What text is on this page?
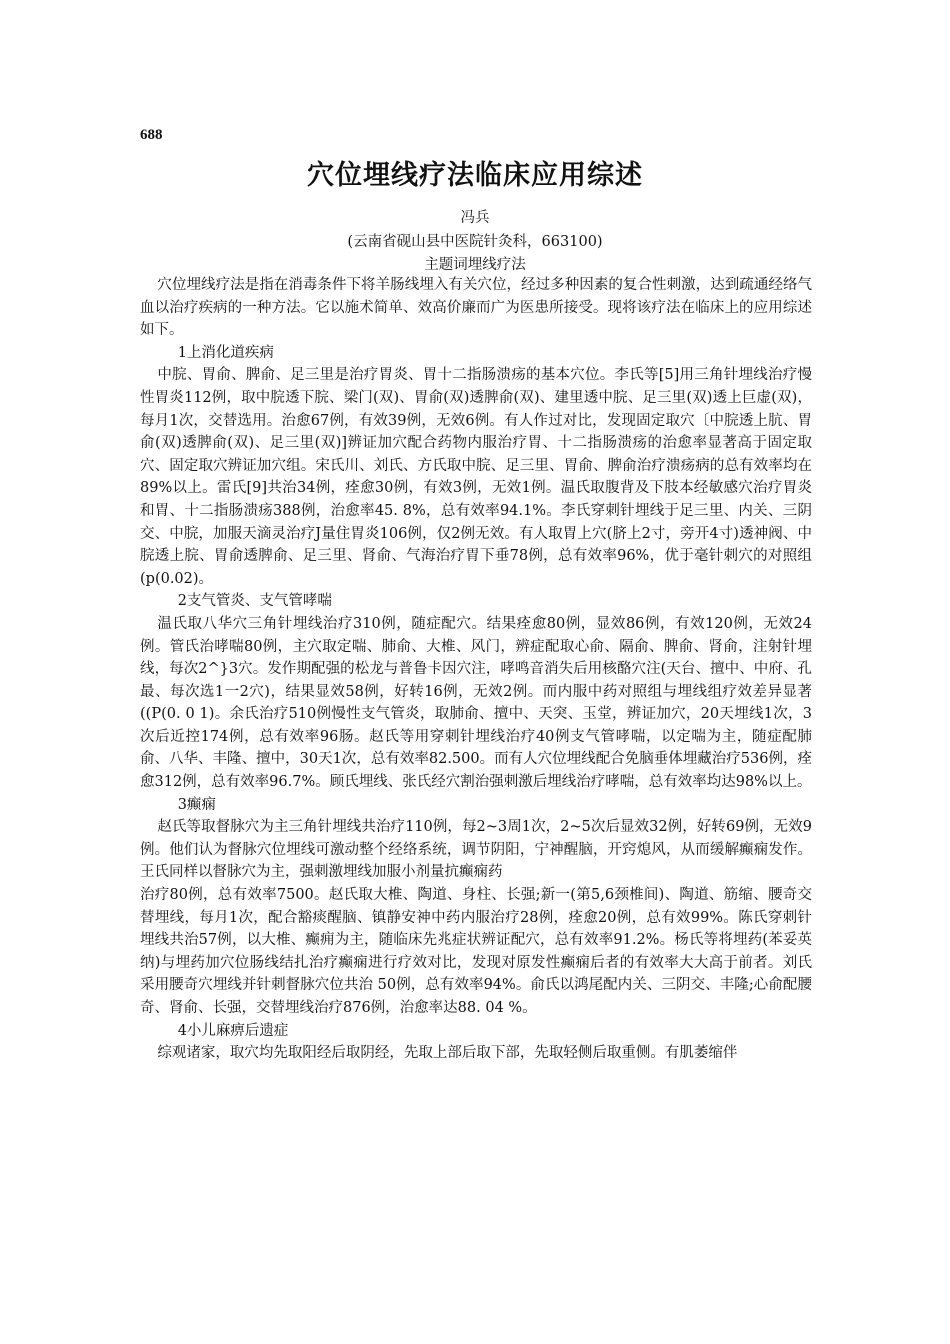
688
穴位埋线疗法临床应用综述
冯兵
(云南省砚山县中医院针灸科，663100)
主题词埋线疗法

穴位埋线疗法是指在消毒条件下将羊肠线埋入有关穴位，经过多种因素的复合性刺激，达到疏通经络气血以治疗疾病的一种方法。它以施术简单、效高价廉而广为医患所接受。现将该疗法在临床上的应用综述如下。

1上消化道疾病

中脘、胃俞、脾俞、足三里是治疗胃炎、胃十二指肠溃疡的基本穴位。李氏等[5]用三角针埋线治疗慢性胃炎112例，取中脘透下脘、梁门(双)、胃俞(双)透脾俞(双)、建里透中脘、足三里(双)透上巨虚(双)，每月1次，交替选用。治愈67例，有效39例，无效6例。有人作过对比，发现固定取穴〔中脘透上肮、胃俞(双)透脾俞(双)、足三里(双)]辨证加穴配合药物内服治疗胃、十二指肠溃疡的治愈率显著高于固定取穴、固定取穴辨证加穴组。宋氏川、刘氏、方氏取中脘、足三里、胃俞、脾俞治疗溃疡病的总有效率均在89%以上。雷氏[9]共治34例，痊愈30例，有效3例，无效1例。温氏取腹背及下肢本经敏感穴治疗胃炎和胃、十二指肠溃疡388例，治愈率45. 8%，总有效率94.1%。李氏穿刺针埋线于足三里、内关、三阴交、中脘，加服天滴灵治疗J量住胃炎106例，仅2例无效。有人取胃上穴(脐上2寸，旁开4寸)透神阀、中脘透上脘、胃俞透脾俞、足三里、肾俞、气海治疗胃下垂78例，总有效率96%，优于毫针刺穴的对照组(p(0.02)。

2支气管炎、支气管哮喘

温氏取八华穴三角针埋线治疗310例，随症配穴。结果痊愈80例，显效86例，有效120例，无效24例。管氏治哮喘80例，主穴取定喘、肺俞、大椎、风门，辨症配取心俞、隔俞、脾俞、肾俞，注射针埋线，每次2^}3穴。发作期配强的松龙与普鲁卡因穴注，哮鸣音消失后用核酪穴注(天台、擅中、中府、孔最、每次选1一2穴)，结果显效58例，好转16例，无效2例。而内服中药对照组与埋线组疗效差异显著((P(0. 0 1)。余氏治疗510例慢性支气管炎，取肺俞、擅中、天突、玉堂，辨证加穴，20天埋线1次，3次后近控174例，总有效率96肠。赵氏等用穿刺针埋线治疗40例支气管哮喘，以定喘为主，随症配肺俞、八华、丰隆、擅中，30天1次，总有效率82.500。而有人穴位埋线配合免脑垂体埋藏治疗536例，痊愈312例，总有效率96.7%。顾氏埋线、张氏经穴割治强刺激后埋线治疗哮喘，总有效率均达98%以上。

3癫痫

赵氏等取督脉穴为主三角针埋线共治疗110例，每2~3周1次，2~5次后显效32例，好转69例，无效9例。他们认为督脉穴位埋线可激动整个经络系统，调节阴阳，宁神醒脑，开窍熄风，从而缓解癫痫发作。王氏同样以督脉穴为主，强刺激埋线加服小剂量抗癫痫药

治疗80例，总有效率7500。赵氏取大椎、陶道、身柱、长强;新一(第5,6颈椎间)、陶道、筋缩、腰奇交替埋线，每月1次，配合豁痰醒脑、镇静安神中药内服治疗28例，痊愈20例，总有效99%。陈氏穿刺针埋线共治57例，以大椎、癫痈为主，随临床先兆症状辨证配穴，总有效率91.2%。杨氏等将埋药(苯妥英纳)与埋药加穴位肠线结扎治疗癫痫进行疗效对比，发现对原发性癫痫后者的有效率大大高于前者。刘氏采用腰奇穴埋线并针刺督脉穴位共治 50例，总有效率94%。俞氏以鸿尾配内关、三阴交、丰隆;心俞配腰奇、肾俞、长强，交替埋线治疗876例，治愈率达88. 04 %。

4小儿麻痹后遗症

综观诸家，取穴均先取阳经后取阴经，先取上部后取下部，先取轻侧后取重侧。有肌萎缩伴
